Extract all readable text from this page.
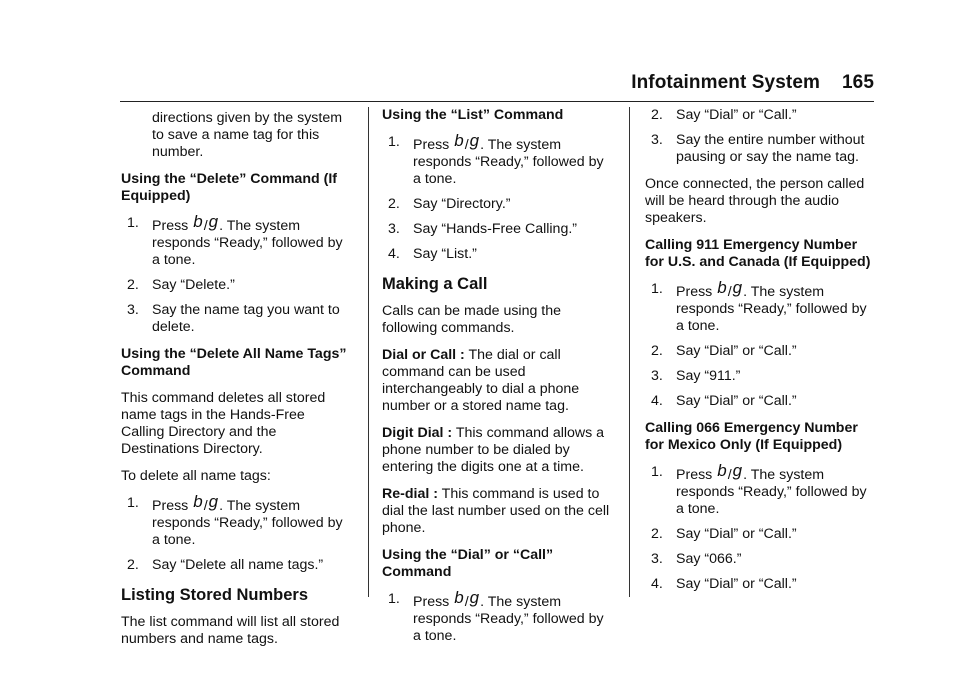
Infotainment System 165

directions given by the system to save a name tag for this number.

Using the “Delete” Command (If Equipped)

1. Press b/g. The system responds “Ready,” followed by a tone.
2. Say “Delete.”
3. Say the name tag you want to delete.

Using the “Delete All Name Tags” Command

This command deletes all stored name tags in the Hands-Free Calling Directory and the Destinations Directory.

To delete all name tags:

1. Press b/g. The system responds “Ready,” followed by a tone.
2. Say “Delete all name tags.”
Listing Stored Numbers

The list command will list all stored numbers and name tags.

Using the “List” Command

1. Press b/g. The system responds “Ready,” followed by a tone.
2. Say “Directory.”
3. Say “Hands-Free Calling.”
4. Say “List.”
Making a Call

Calls can be made using the following commands.

Dial or Call : The dial or call command can be used interchangeably to dial a phone number or a stored name tag.

Digit Dial : This command allows a phone number to be dialed by entering the digits one at a time.

Re-dial : This command is used to dial the last number used on the cell phone.

Using the “Dial” or “Call” Command

1. Press b/g. The system responds “Ready,” followed by a tone.
2. Say “Dial” or “Call.”
3. Say the entire number without pausing or say the name tag.

Once connected, the person called will be heard through the audio speakers.

Calling 911 Emergency Number for U.S. and Canada (If Equipped)

1. Press b/g. The system responds “Ready,” followed by a tone.
2. Say “Dial” or “Call.”
3. Say “911.”
4. Say “Dial” or “Call.”

Calling 066 Emergency Number for Mexico Only (If Equipped)

1. Press b/g. The system responds “Ready,” followed by a tone.
2. Say “Dial” or “Call.”
3. Say “066.”
4. Say “Dial” or “Call.”
